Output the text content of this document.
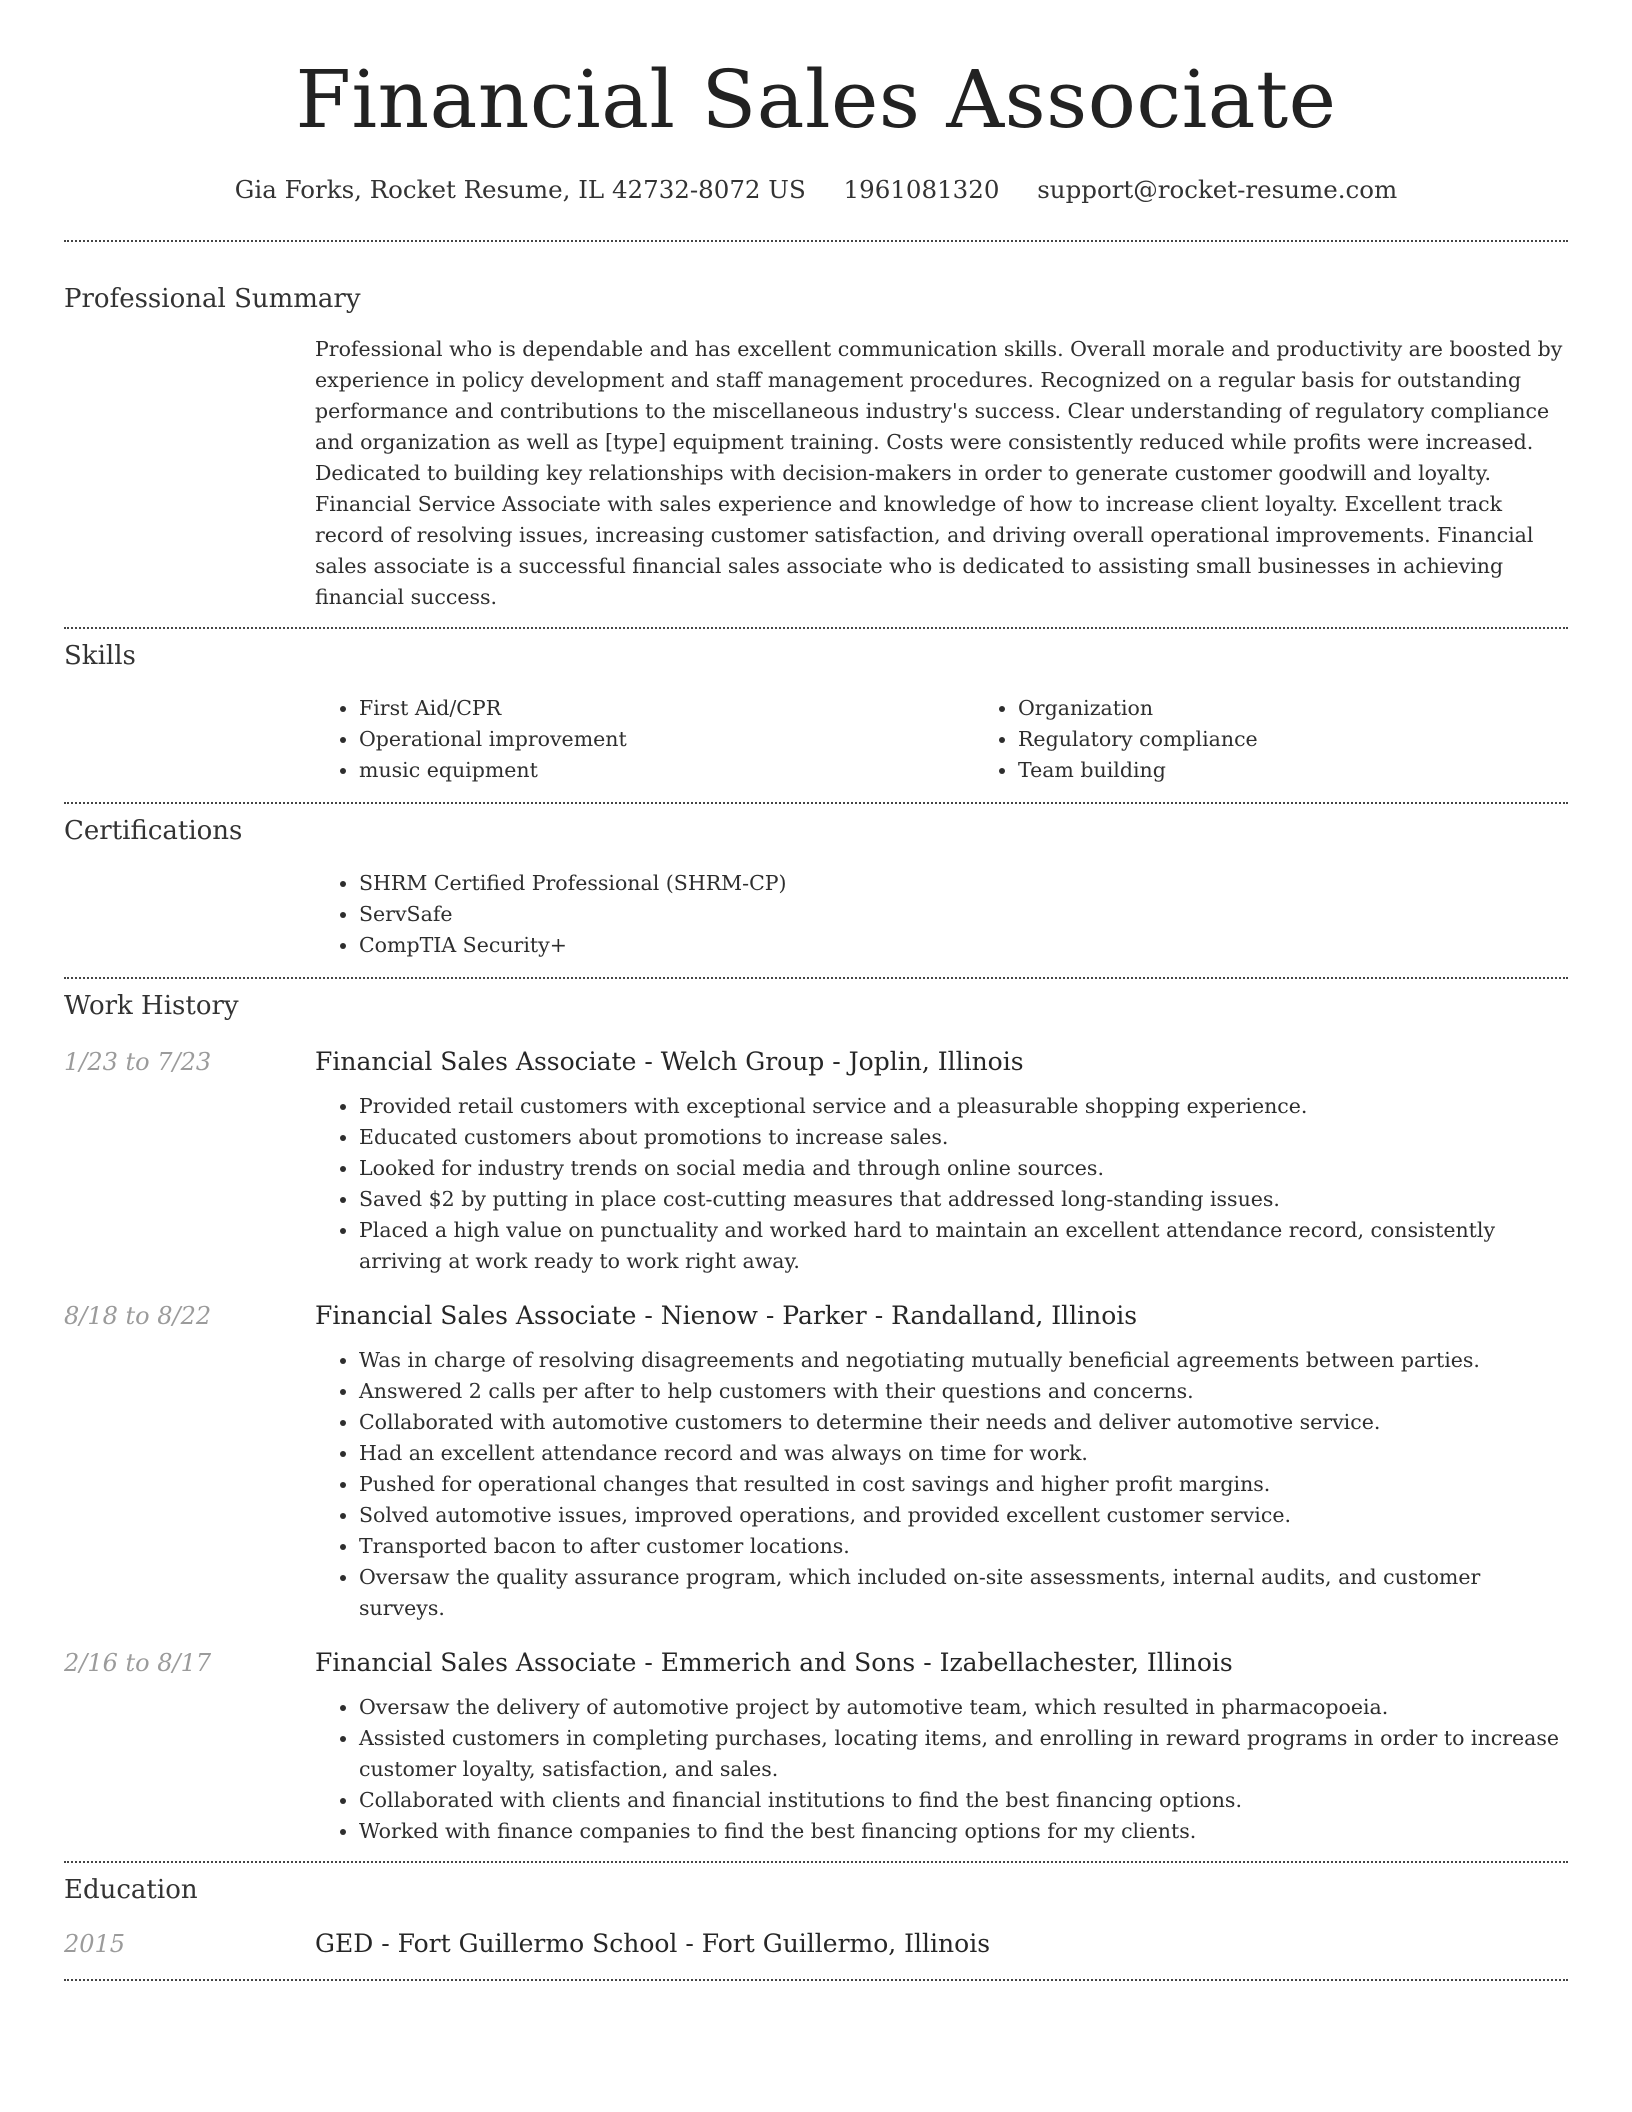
Financial Sales Associate
Gia Forks, Rocket Resume, IL 42732-8072 US 1961081320 support@rocket-resume.com
Professional Summary

Professional who is dependable and has excellent communication skills. Overall morale and productivity are boosted by experience in policy development and staff management procedures. Recognized on a regular basis for outstanding performance and contributions to the miscellaneous industry's success. Clear understanding of regulatory compliance and organization as well as [type] equipment training. Costs were consistently reduced while profits were increased. Dedicated to building key relationships with decision-makers in order to generate customer goodwill and loyalty. Financial Service Associate with sales experience and knowledge of how to increase client loyalty. Excellent track record of resolving issues, increasing customer satisfaction, and driving overall operational improvements. Financial sales associate is a successful financial sales associate who is dedicated to assisting small businesses in achieving financial success.

Skills
• First Aid/CPR
• Operational improvement
• music equipment
• Organization
• Regulatory compliance
• Team building
Certifications
• SHRM Certified Professional (SHRM-CP)
• ServSafe
• CompTIA Security+
Work History
1/23 to 7/23	Financial Sales Associate - Welch Group - Joplin, Illinois
• Provided retail customers with exceptional service and a pleasurable shopping experience.
• Educated customers about promotions to increase sales.
• Looked for industry trends on social media and through online sources.
• Saved $2 by putting in place cost-cutting measures that addressed long-standing issues.
• Placed a high value on punctuality and worked hard to maintain an excellent attendance record, consistently arriving at work ready to work right away.
8/18 to 8/22	Financial Sales Associate - Nienow - Parker - Randalland, Illinois
• Was in charge of resolving disagreements and negotiating mutually beneficial agreements between parties.
• Answered 2 calls per after to help customers with their questions and concerns.
• Collaborated with automotive customers to determine their needs and deliver automotive service.
• Had an excellent attendance record and was always on time for work.
• Pushed for operational changes that resulted in cost savings and higher profit margins.
• Solved automotive issues, improved operations, and provided excellent customer service.
• Transported bacon to after customer locations.
• Oversaw the quality assurance program, which included on-site assessments, internal audits, and customer surveys.
2/16 to 8/17	Financial Sales Associate - Emmerich and Sons - Izabellachester, Illinois
• Oversaw the delivery of automotive project by automotive team, which resulted in pharmacopoeia.
• Assisted customers in completing purchases, locating items, and enrolling in reward programs in order to increase customer loyalty, satisfaction, and sales.
• Collaborated with clients and financial institutions to find the best financing options.
• Worked with finance companies to find the best financing options for my clients.
Education
2015	GED - Fort Guillermo School - Fort Guillermo, Illinois
